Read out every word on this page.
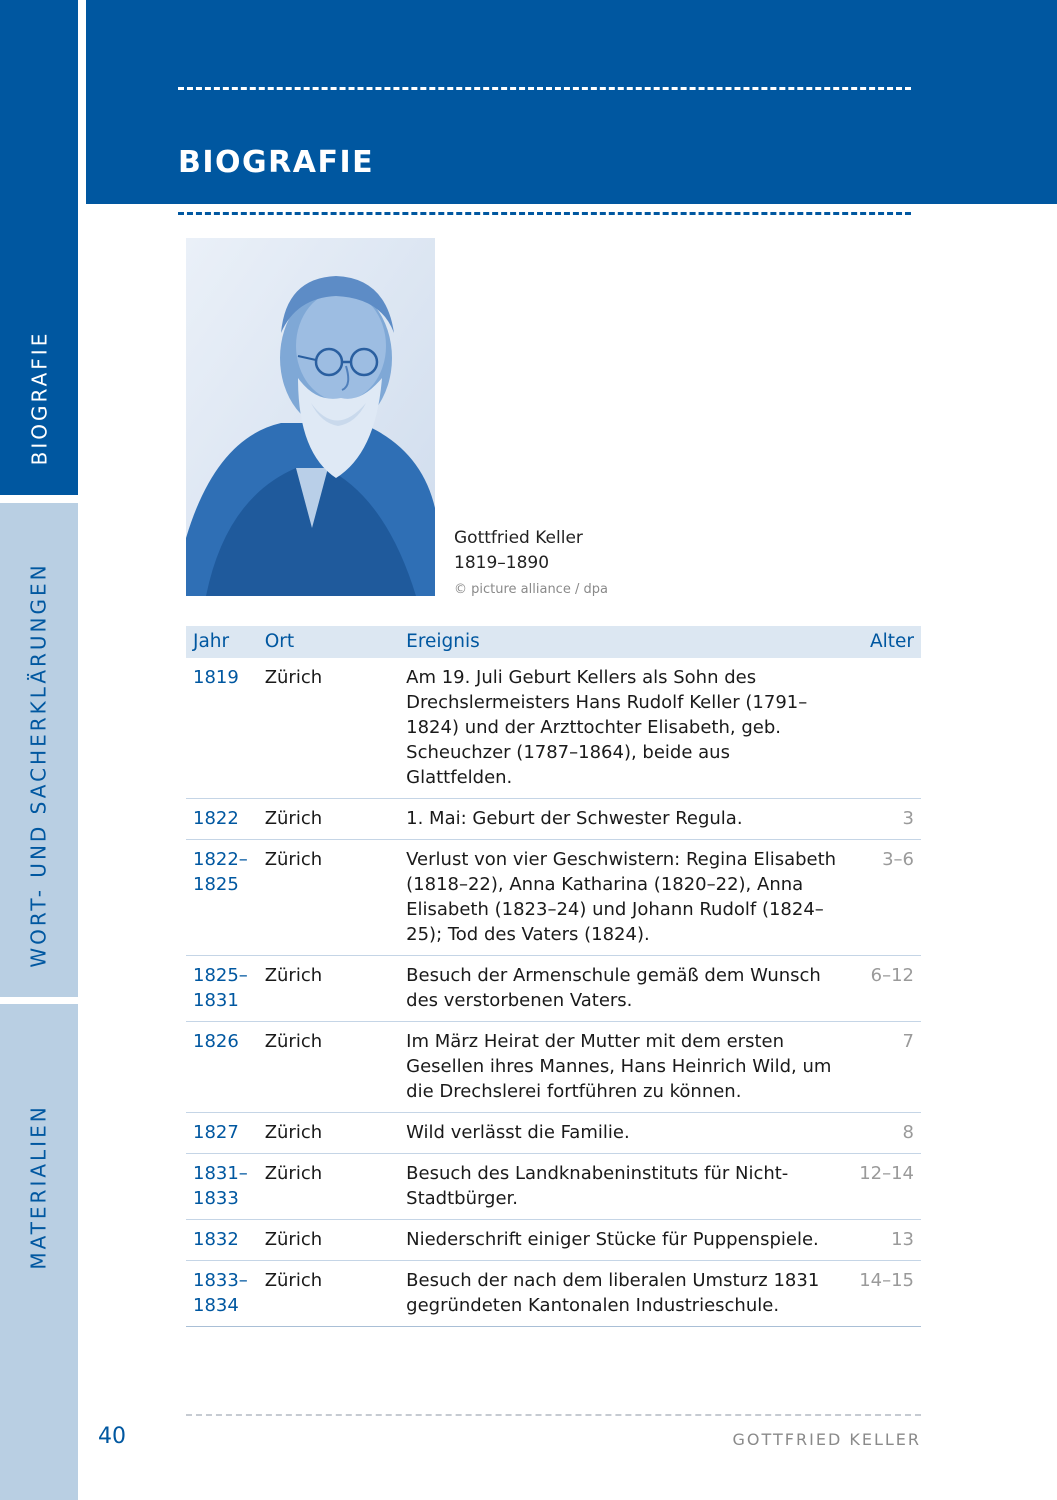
BIOGRAFIE
WORT- UND SACHERKLÄRUNGEN
MATERIALIEN
BIOGRAFIE
Gottfried Keller
1819–1890
© picture alliance / dpa
Jahr	Ort	Ereignis	Alter

1819	Zürich	Am 19. Juli Geburt Kellers als Sohn des Drechslermeisters Hans Rudolf Keller (1791–1824) und der Arzttochter Elisabeth, geb. Scheuchzer (1787–1864), beide aus Glattfelden.	

1822	Zürich	1. Mai: Geburt der Schwester Regula.	3

1822–
1825	Zürich	Verlust von vier Geschwistern: Regina Elisabeth (1818–22), Anna Katharina (1820–22), Anna Elisabeth (1823–24) und Johann Rudolf (1824–25); Tod des Vaters (1824).	3–6

1825–
1831	Zürich	Besuch der Armenschule gemäß dem Wunsch des verstorbenen Vaters.	6–12

1826	Zürich	Im März Heirat der Mutter mit dem ersten Gesellen ihres Mannes, Hans Heinrich Wild, um die Drechslerei fortführen zu können.	7

1827	Zürich	Wild verlässt die Familie.	8

1831–
1833	Zürich	Besuch des Landknabeninstituts für Nicht-Stadtbürger.	12–14

1832	Zürich	Niederschrift einiger Stücke für Puppenspiele.	13

1833–
1834	Zürich	Besuch der nach dem liberalen Umsturz 1831 gegründeten Kantonalen Industrieschule.	14–15
40	GOTTFRIED KELLER
